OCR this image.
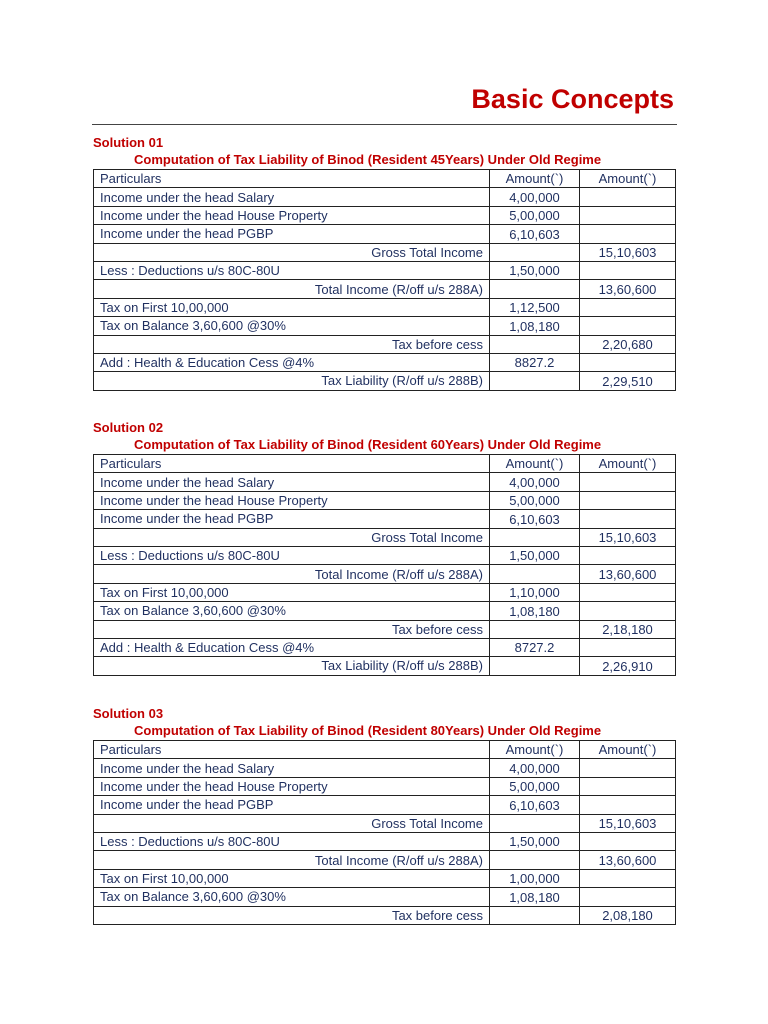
Basic Concepts
Solution 01
Computation of Tax Liability of Binod (Resident 45Years) Under Old Regime
Particulars	Amount(`)	Amount(`)
Income under the head Salary	4,00,000	
Income under the head House Property	5,00,000	
Income under the head PGBP	6,10,603	
Gross Total Income		15,10,603
Less : Deductions u/s 80C-80U	1,50,000	
Total Income (R/off u/s 288A)		13,60,600
Tax on First 10,00,000	1,12,500	
Tax on Balance 3,60,600 @30%	1,08,180	
Tax before cess		2,20,680
Add : Health & Education Cess @4%	8827.2	
Tax Liability (R/off u/s 288B)		2,29,510
Solution 02
Computation of Tax Liability of Binod (Resident 60Years) Under Old Regime
Particulars	Amount(`)	Amount(`)
Income under the head Salary	4,00,000	
Income under the head House Property	5,00,000	
Income under the head PGBP	6,10,603	
Gross Total Income		15,10,603
Less : Deductions u/s 80C-80U	1,50,000	
Total Income (R/off u/s 288A)		13,60,600
Tax on First 10,00,000	1,10,000	
Tax on Balance 3,60,600 @30%	1,08,180	
Tax before cess		2,18,180
Add : Health & Education Cess @4%	8727.2	
Tax Liability (R/off u/s 288B)		2,26,910
Solution 03
Computation of Tax Liability of Binod (Resident 80Years) Under Old Regime
Particulars	Amount(`)	Amount(`)
Income under the head Salary	4,00,000	
Income under the head House Property	5,00,000	
Income under the head PGBP	6,10,603	
Gross Total Income		15,10,603
Less : Deductions u/s 80C-80U	1,50,000	
Total Income (R/off u/s 288A)		13,60,600
Tax on First 10,00,000	1,00,000	
Tax on Balance 3,60,600 @30%	1,08,180	
Tax before cess		2,08,180
